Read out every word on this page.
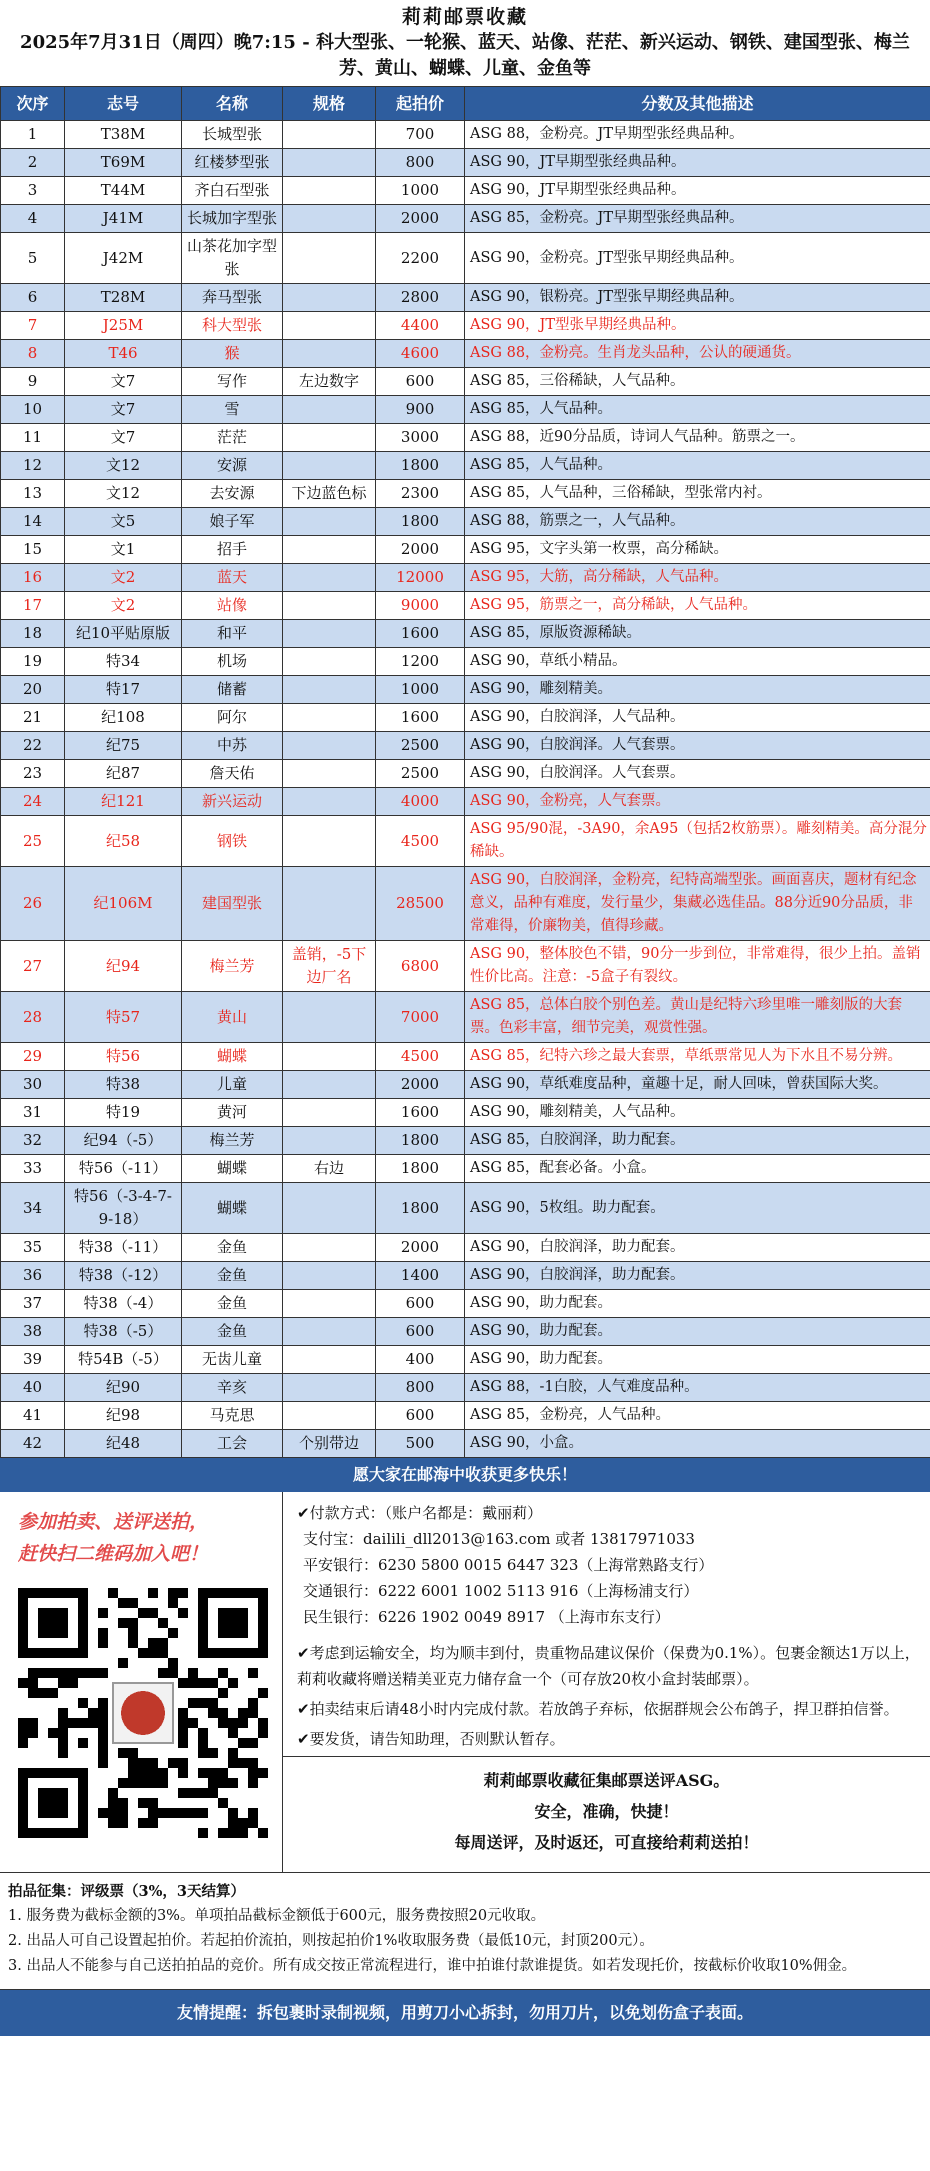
莉莉邮票收藏
2025年7月31日（周四）晚7:15 - 科大型张、一轮猴、蓝天、站像、茫茫、新兴运动、钢铁、建国型张、梅兰芳、黄山、蝴蝶、儿童、金鱼等
次序	志号	名称	规格	起拍价	分数及其他描述
1	T38M	长城型张		700	ASG 88，金粉亮。JT早期型张经典品种。
2	T69M	红楼梦型张		800	ASG 90，JT早期型张经典品种。
3	T44M	齐白石型张		1000	ASG 90，JT早期型张经典品种。
4	J41M	长城加字型张		2000	ASG 85，金粉亮。JT早期型张经典品种。
5	J42M	山茶花加字型张		2200	ASG 90，金粉亮。JT型张早期经典品种。
6	T28M	奔马型张		2800	ASG 90，银粉亮。JT型张早期经典品种。
7	J25M	科大型张		4400	ASG 90，JT型张早期经典品种。
8	T46	猴		4600	ASG 88，金粉亮。生肖龙头品种，公认的硬通货。
9	文7	写作	左边数字	600	ASG 85，三俗稀缺，人气品种。
10	文7	雪		900	ASG 85，人气品种。
11	文7	茫茫		3000	ASG 88，近90分品质，诗词人气品种。筋票之一。
12	文12	安源		1800	ASG 85，人气品种。
13	文12	去安源	下边蓝色标	2300	ASG 85，人气品种，三俗稀缺，型张常内衬。
14	文5	娘子军		1800	ASG 88，筋票之一，人气品种。
15	文1	招手		2000	ASG 95，文字头第一枚票，高分稀缺。
16	文2	蓝天		12000	ASG 95，大筋，高分稀缺，人气品种。
17	文2	站像		9000	ASG 95，筋票之一，高分稀缺，人气品种。
18	纪10平贴原版	和平		1600	ASG 85，原版资源稀缺。
19	特34	机场		1200	ASG 90，草纸小精品。
20	特17	储蓄		1000	ASG 90，雕刻精美。
21	纪108	阿尔		1600	ASG 90，白胶润泽，人气品种。
22	纪75	中苏		2500	ASG 90，白胶润泽。人气套票。
23	纪87	詹天佑		2500	ASG 90，白胶润泽。人气套票。
24	纪121	新兴运动		4000	ASG 90，金粉亮，人气套票。
25	纪58	钢铁		4500	ASG 95/90混，-3A90，余A95（包括2枚筋票）。雕刻精美。高分混分稀缺。
26	纪106M	建国型张		28500	ASG 90，白胶润泽，金粉亮，纪特高端型张。画面喜庆，题材有纪念意义，品种有难度，发行量少，集藏必选佳品。88分近90分品质，非常难得，价廉物美，值得珍藏。
27	纪94	梅兰芳	盖销，-5下边厂名	6800	ASG 90，整体胶色不错，90分一步到位，非常难得，很少上拍。盖销性价比高。注意：-5盒子有裂纹。
28	特57	黄山		7000	ASG 85，总体白胶个别色差。黄山是纪特六珍里唯一雕刻版的大套票。色彩丰富，细节完美，观赏性强。
29	特56	蝴蝶		4500	ASG 85，纪特六珍之最大套票，草纸票常见人为下水且不易分辨。
30	特38	儿童		2000	ASG 90，草纸难度品种，童趣十足，耐人回味，曾获国际大奖。
31	特19	黄河		1600	ASG 90，雕刻精美，人气品种。
32	纪94（-5）	梅兰芳		1800	ASG 85，白胶润泽，助力配套。
33	特56（-11）	蝴蝶	右边	1800	ASG 85，配套必备。小盒。
34	特56（-3-4-7-9-18）	蝴蝶		1800	ASG 90，5枚组。助力配套。
35	特38（-11）	金鱼		2000	ASG 90，白胶润泽，助力配套。
36	特38（-12）	金鱼		1400	ASG 90，白胶润泽，助力配套。
37	特38（-4）	金鱼		600	ASG 90，助力配套。
38	特38（-5）	金鱼		600	ASG 90，助力配套。
39	特54B（-5）	无齿儿童		400	ASG 90，助力配套。
40	纪90	辛亥		800	ASG 88，-1白胶，人气难度品种。
41	纪98	马克思		600	ASG 85，金粉亮，人气品种。
42	纪48	工会	个别带边	500	ASG 90，小盒。
愿大家在邮海中收获更多快乐！
参加拍卖、送评送拍，
赶快扫二维码加入吧！
✔付款方式：（账户名都是：戴丽莉）
支付宝：dailili_dll2013@163.com 或者 13817971033
平安银行：6230 5800 0015 6447 323（上海常熟路支行）
交通银行：6222 6001 1002 5113 916（上海杨浦支行）
民生银行：6226 1902 0049 8917 （上海市东支行）
✔考虑到运输安全，均为顺丰到付，贵重物品建议保价（保费为0.1%）。包裹金额达1万以上，莉莉收藏将赠送精美亚克力储存盒一个（可存放20枚小盒封装邮票）。
✔拍卖结束后请48小时内完成付款。若放鸽子弃标，依据群规会公布鸽子，捍卫群拍信誉。
✔要发货，请告知助理，否则默认暂存。
莉莉邮票收藏征集邮票送评ASG。
安全，准确，快捷！
每周送评，及时返还，可直接给莉莉送拍！
拍品征集：评级票（3%，3天结算）
1. 服务费为截标金额的3%。单项拍品截标金额低于600元，服务费按照20元收取。
2. 出品人可自己设置起拍价。若起拍价流拍，则按起拍价1%收取服务费（最低10元，封顶200元）。
3. 出品人不能参与自己送拍拍品的竞价。所有成交按正常流程进行，谁中拍谁付款谁提货。如若发现托价，按截标价收取10%佣金。
友情提醒：拆包裹时录制视频，用剪刀小心拆封，勿用刀片，以免划伤盒子表面。
